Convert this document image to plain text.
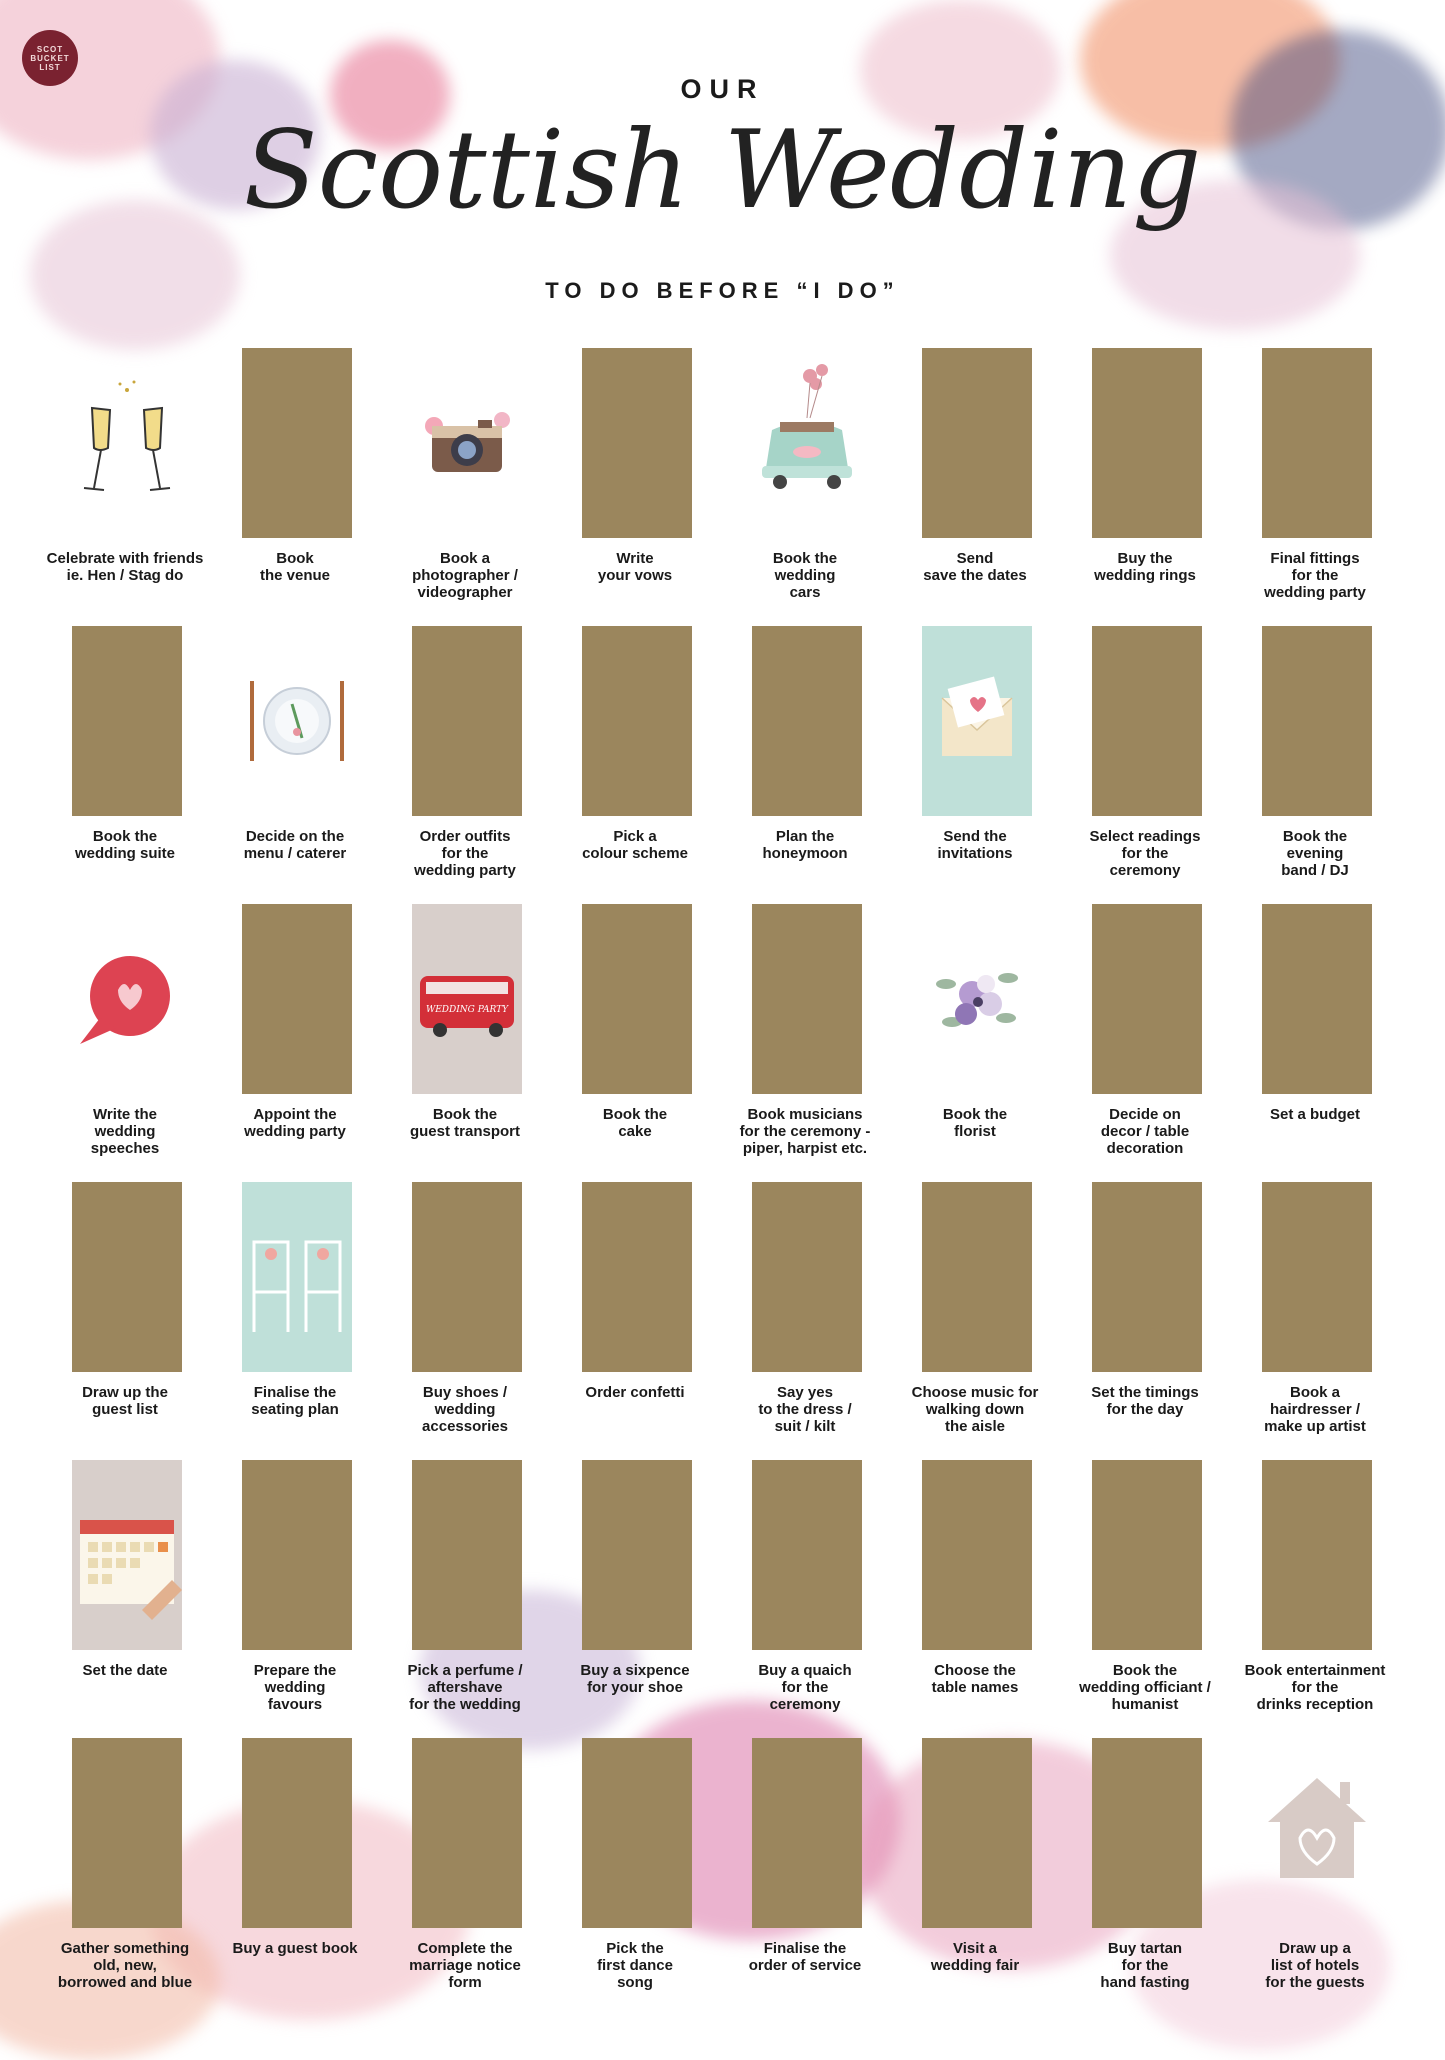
SCOT
BUCKET
LIST
OUR
Scottish Wedding
TO DO BEFORE “I DO”
Celebrate with friends
ie. Hen / Stag do
Book
the venue
Book a
photographer /
videographer
Write
your vows
Book the
wedding
cars
Send
save the dates
Buy the
wedding rings
Final fittings
for the
wedding party
Book the
wedding suite
Decide on the
menu / caterer
Order outfits
for the
wedding party
Pick a
colour scheme
Plan the
honeymoon
Send the
invitations
Select readings
for the
ceremony
Book the
evening
band / DJ
Write the
wedding
speeches
Appoint the
wedding party
WEDDING PARTY
Book the
guest transport
Book the
cake
Book musicians
for the ceremony -
piper, harpist etc.
Book the
florist
Decide on
decor / table
decoration
Set a budget
Draw up the
guest list
Finalise the
seating plan
Buy shoes /
wedding
accessories
Order confetti	Say yes
to the dress /
suit / kilt
Choose music for
walking down
the aisle
Set the timings
for the day
Book a
hairdresser /
make up artist
Set the date	Prepare the
wedding
favours
Pick a perfume /
aftershave
for the wedding
Buy a sixpence
for your shoe
Buy a quaich
for the
ceremony
Choose the
table names
Book the
wedding officiant /
humanist
Book entertainment
for the
drinks reception
Gather something
old, new,
borrowed and blue
Buy a guest book	Complete the
marriage notice
form
Pick the
first dance
song
Finalise the
order of service
Visit a
wedding fair
Buy tartan
for the
hand fasting
Draw up a
list of hotels
for the guests
